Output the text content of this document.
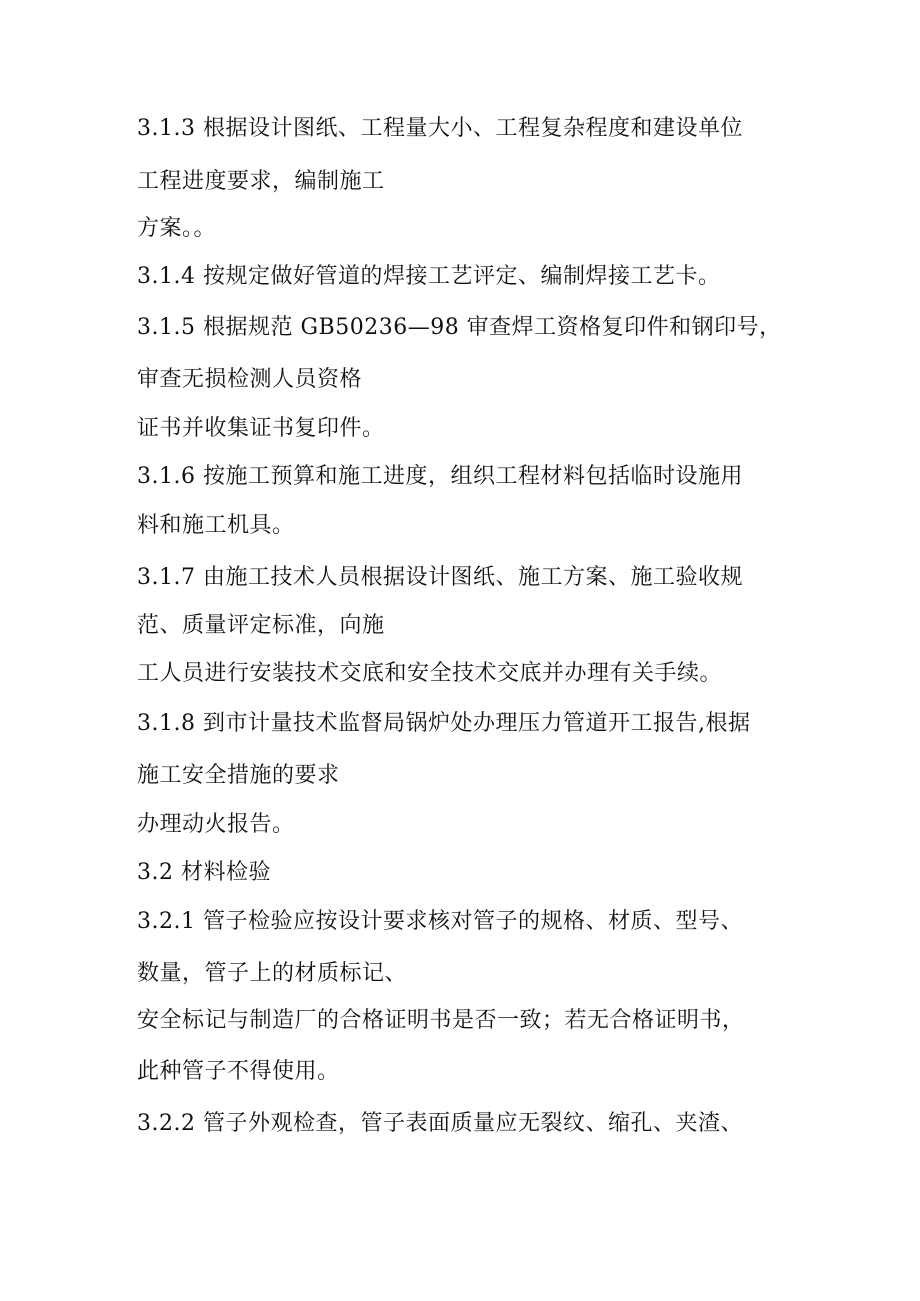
3.1.3 根据设计图纸、工程量大小、工程复杂程度和建设单位
工程进度要求，编制施工
方案。。
3.1.4 按规定做好管道的焊接工艺评定、编制焊接工艺卡。
3.1.5 根据规范 GB50236—98 审查焊工资格复印件和钢印号，
审查无损检测人员资格
证书并收集证书复印件。
3.1.6 按施工预算和施工进度，组织工程材料包括临时设施用
料和施工机具。
3.1.7 由施工技术人员根据设计图纸、施工方案、施工验收规
范、质量评定标准，向施
工人员进行安装技术交底和安全技术交底并办理有关手续。
3.1.8 到市计量技术监督局锅炉处办理压力管道开工报告,根据
施工安全措施的要求
办理动火报告。
3.2 材料检验
3.2.1 管子检验应按设计要求核对管子的规格、材质、型号、
数量，管子上的材质标记、
安全标记与制造厂的合格证明书是否一致；若无合格证明书，
此种管子不得使用。
3.2.2 管子外观检查，管子表面质量应无裂纹、缩孔、夹渣、
